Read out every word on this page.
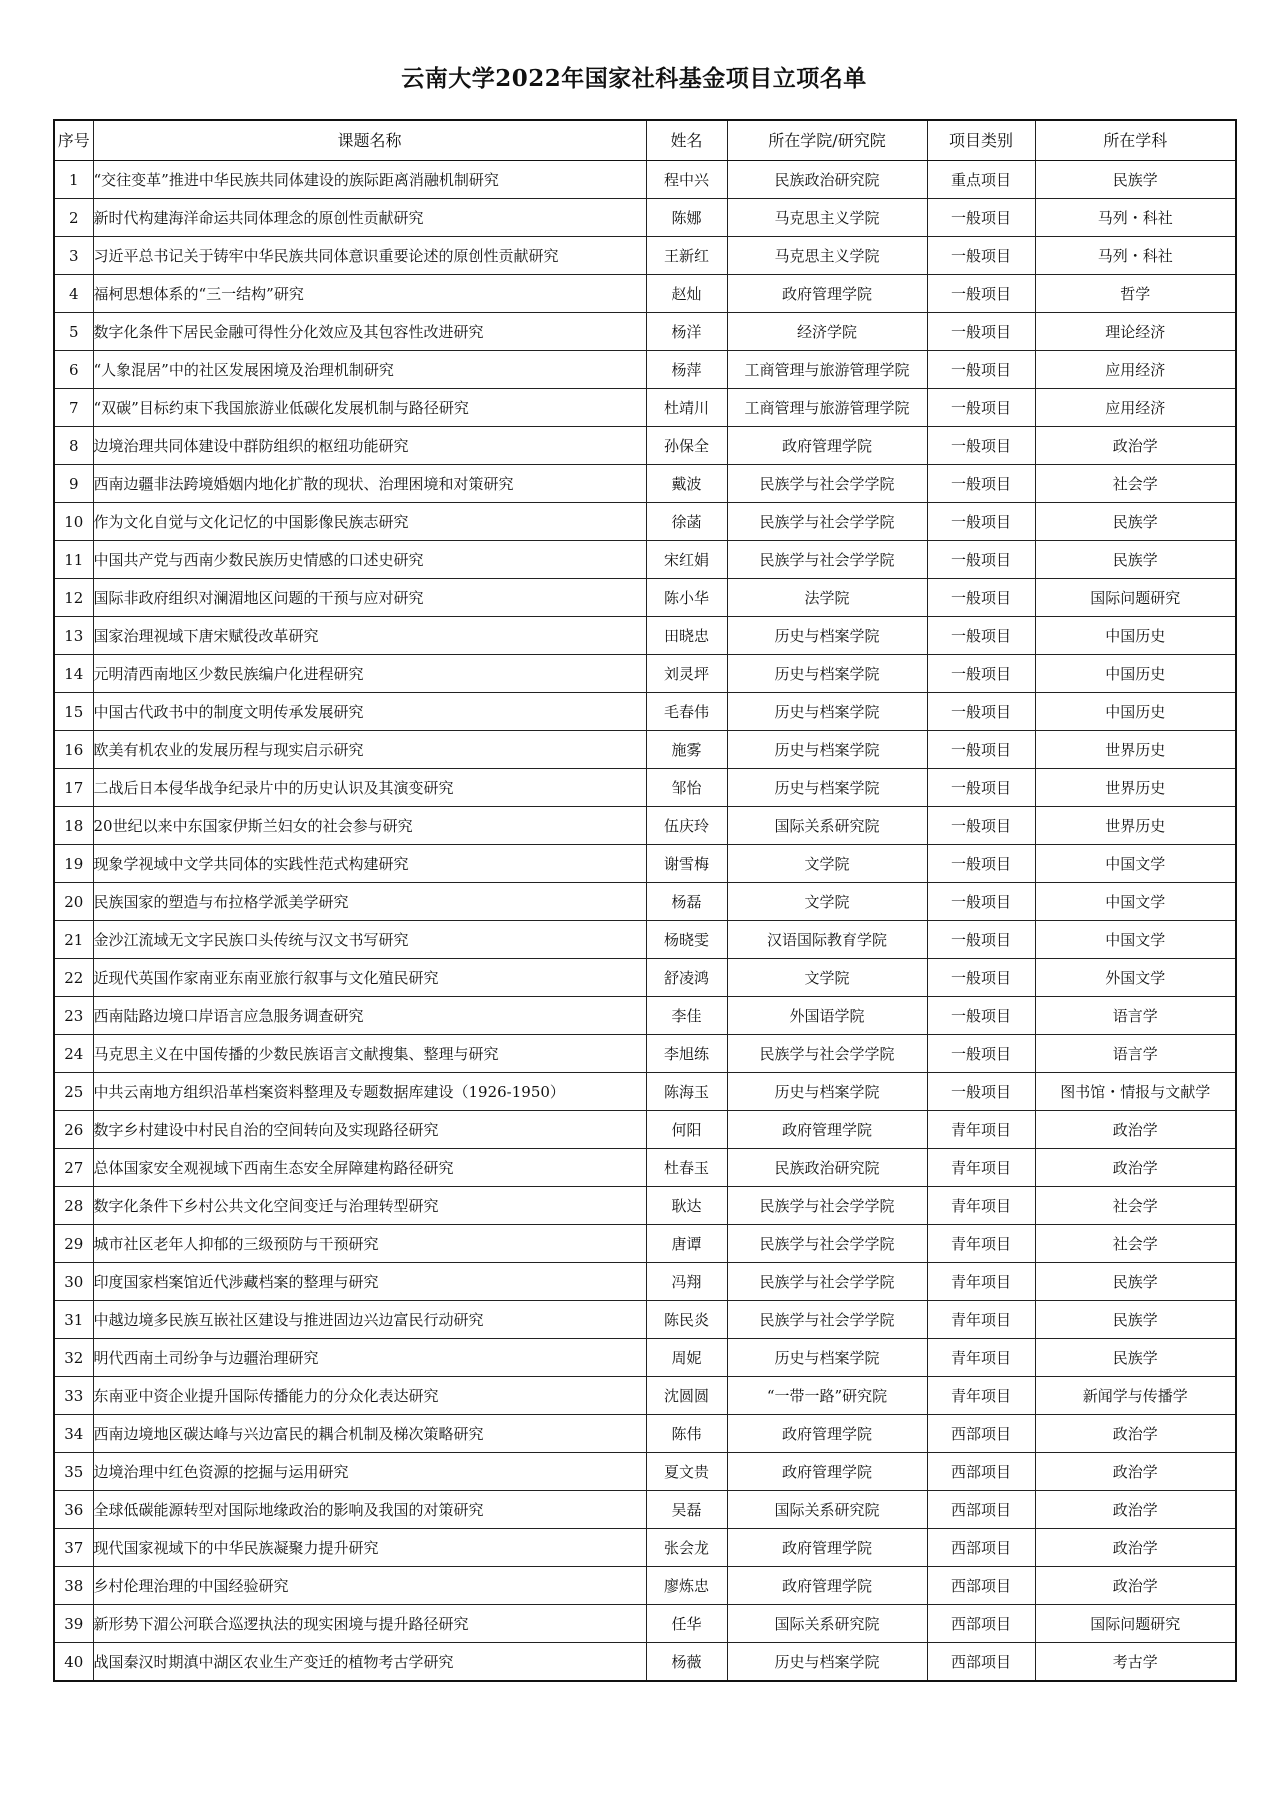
云南大学2022年国家社科基金项目立项名单
序号	课题名称	姓名	所在学院/研究院	项目类别	所在学科
1	“交往变革”推进中华民族共同体建设的族际距离消融机制研究	程中兴	民族政治研究院	重点项目	民族学
2	新时代构建海洋命运共同体理念的原创性贡献研究	陈娜	马克思主义学院	一般项目	马列・科社
3	习近平总书记关于铸牢中华民族共同体意识重要论述的原创性贡献研究	王新红	马克思主义学院	一般项目	马列・科社
4	福柯思想体系的“三一结构”研究	赵灿	政府管理学院	一般项目	哲学
5	数字化条件下居民金融可得性分化效应及其包容性改进研究	杨洋	经济学院	一般项目	理论经济
6	“人象混居”中的社区发展困境及治理机制研究	杨萍	工商管理与旅游管理学院	一般项目	应用经济
7	“双碳”目标约束下我国旅游业低碳化发展机制与路径研究	杜靖川	工商管理与旅游管理学院	一般项目	应用经济
8	边境治理共同体建设中群防组织的枢纽功能研究	孙保全	政府管理学院	一般项目	政治学
9	西南边疆非法跨境婚姻内地化扩散的现状、治理困境和对策研究	戴波	民族学与社会学学院	一般项目	社会学
10	作为文化自觉与文化记忆的中国影像民族志研究	徐菡	民族学与社会学学院	一般项目	民族学
11	中国共产党与西南少数民族历史情感的口述史研究	宋红娟	民族学与社会学学院	一般项目	民族学
12	国际非政府组织对澜湄地区问题的干预与应对研究	陈小华	法学院	一般项目	国际问题研究
13	国家治理视域下唐宋赋役改革研究	田晓忠	历史与档案学院	一般项目	中国历史
14	元明清西南地区少数民族编户化进程研究	刘灵坪	历史与档案学院	一般项目	中国历史
15	中国古代政书中的制度文明传承发展研究	毛春伟	历史与档案学院	一般项目	中国历史
16	欧美有机农业的发展历程与现实启示研究	施雾	历史与档案学院	一般项目	世界历史
17	二战后日本侵华战争纪录片中的历史认识及其演变研究	邹怡	历史与档案学院	一般项目	世界历史
18	20世纪以来中东国家伊斯兰妇女的社会参与研究	伍庆玲	国际关系研究院	一般项目	世界历史
19	现象学视域中文学共同体的实践性范式构建研究	谢雪梅	文学院	一般项目	中国文学
20	民族国家的塑造与布拉格学派美学研究	杨磊	文学院	一般项目	中国文学
21	金沙江流域无文字民族口头传统与汉文书写研究	杨晓雯	汉语国际教育学院	一般项目	中国文学
22	近现代英国作家南亚东南亚旅行叙事与文化殖民研究	舒凌鸿	文学院	一般项目	外国文学
23	西南陆路边境口岸语言应急服务调查研究	李佳	外国语学院	一般项目	语言学
24	马克思主义在中国传播的少数民族语言文献搜集、整理与研究	李旭练	民族学与社会学学院	一般项目	语言学
25	中共云南地方组织沿革档案资料整理及专题数据库建设（1926-1950）	陈海玉	历史与档案学院	一般项目	图书馆・情报与文献学
26	数字乡村建设中村民自治的空间转向及实现路径研究	何阳	政府管理学院	青年项目	政治学
27	总体国家安全观视域下西南生态安全屏障建构路径研究	杜春玉	民族政治研究院	青年项目	政治学
28	数字化条件下乡村公共文化空间变迁与治理转型研究	耿达	民族学与社会学学院	青年项目	社会学
29	城市社区老年人抑郁的三级预防与干预研究	唐谭	民族学与社会学学院	青年项目	社会学
30	印度国家档案馆近代涉藏档案的整理与研究	冯翔	民族学与社会学学院	青年项目	民族学
31	中越边境多民族互嵌社区建设与推进固边兴边富民行动研究	陈民炎	民族学与社会学学院	青年项目	民族学
32	明代西南土司纷争与边疆治理研究	周妮	历史与档案学院	青年项目	民族学
33	东南亚中资企业提升国际传播能力的分众化表达研究	沈圆圆	“一带一路”研究院	青年项目	新闻学与传播学
34	西南边境地区碳达峰与兴边富民的耦合机制及梯次策略研究	陈伟	政府管理学院	西部项目	政治学
35	边境治理中红色资源的挖掘与运用研究	夏文贵	政府管理学院	西部项目	政治学
36	全球低碳能源转型对国际地缘政治的影响及我国的对策研究	吴磊	国际关系研究院	西部项目	政治学
37	现代国家视域下的中华民族凝聚力提升研究	张会龙	政府管理学院	西部项目	政治学
38	乡村伦理治理的中国经验研究	廖炼忠	政府管理学院	西部项目	政治学
39	新形势下湄公河联合巡逻执法的现实困境与提升路径研究	任华	国际关系研究院	西部项目	国际问题研究
40	战国秦汉时期滇中湖区农业生产变迁的植物考古学研究	杨薇	历史与档案学院	西部项目	考古学
